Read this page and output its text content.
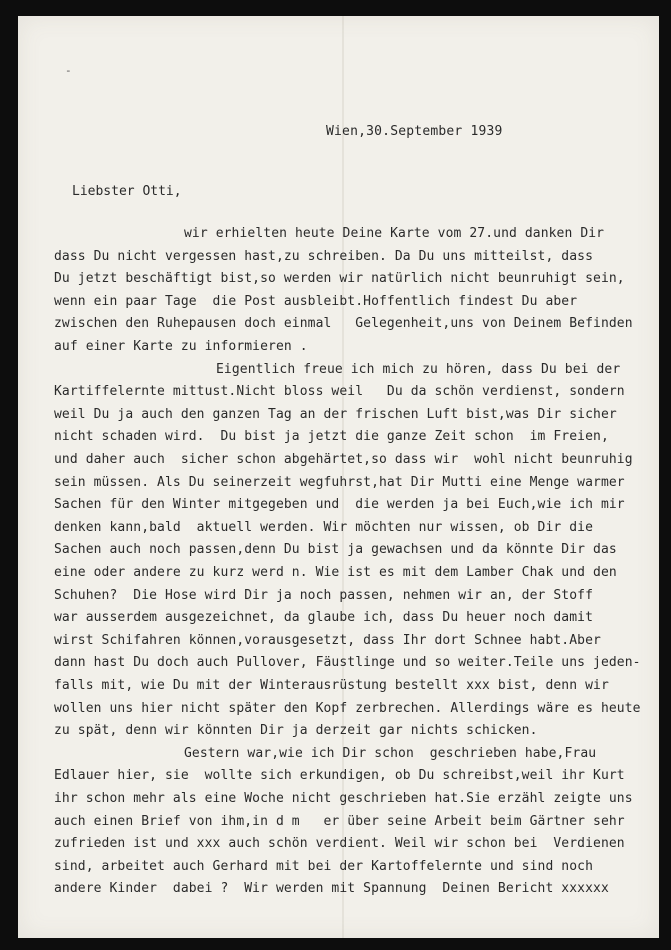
-
Wien,30.September 1939
Liebster Otti,
wir erhielten heute Deine Karte vom 27.und danken Dir
dass Du nicht vergessen hast,zu schreiben. Da Du uns mitteilst, dass
Du jetzt beschäftigt bist,so werden wir natürlich nicht beunruhigt sein,
wenn ein paar Tage  die Post ausbleibt.Hoffentlich findest Du aber
zwischen den Ruhepausen doch einmal   Gelegenheit,uns von Deinem Befinden
auf einer Karte zu informieren .
Eigentlich freue ich mich zu hören, dass Du bei der
Kartiffelernte mittust.Nicht bloss weil   Du da schön verdienst, sondern
weil Du ja auch den ganzen Tag an der frischen Luft bist,was Dir sicher
nicht schaden wird.  Du bist ja jetzt die ganze Zeit schon  im Freien,
und daher auch  sicher schon abgehärtet,so dass wir  wohl nicht beunruhig
sein müssen. Als Du seinerzeit wegfuhrst,hat Dir Mutti eine Menge warmer
Sachen für den Winter mitgegeben und  die werden ja bei Euch,wie ich mir
denken kann,bald  aktuell werden. Wir möchten nur wissen, ob Dir die
Sachen auch noch passen,denn Du bist ja gewachsen und da könnte Dir das
eine oder andere zu kurz werd n. Wie ist es mit dem Lamber Chak und den
Schuhen?  Die Hose wird Dir ja noch passen, nehmen wir an, der Stoff
war ausserdem ausgezeichnet, da glaube ich, dass Du heuer noch damit
wirst Schifahren können,vorausgesetzt, dass Ihr dort Schnee habt.Aber
dann hast Du doch auch Pullover, Fäustlinge und so weiter.Teile uns jeden-
falls mit, wie Du mit der Winterausrüstung bestellt xxx bist, denn wir
wollen uns hier nicht später den Kopf zerbrechen. Allerdings wäre es heute
zu spät, denn wir könnten Dir ja derzeit gar nichts schicken.
Gestern war,wie ich Dir schon  geschrieben habe,Frau
Edlauer hier, sie  wollte sich erkundigen, ob Du schreibst,weil ihr Kurt
ihr schon mehr als eine Woche nicht geschrieben hat.Sie erzähl zeigte uns
auch einen Brief von ihm,in d m   er über seine Arbeit beim Gärtner sehr
zufrieden ist und xxx auch schön verdient. Weil wir schon bei  Verdienen
sind, arbeitet auch Gerhard mit bei der Kartoffelernte und sind noch
andere Kinder  dabei ?  Wir werden mit Spannung  Deinen Bericht xxxxxx
